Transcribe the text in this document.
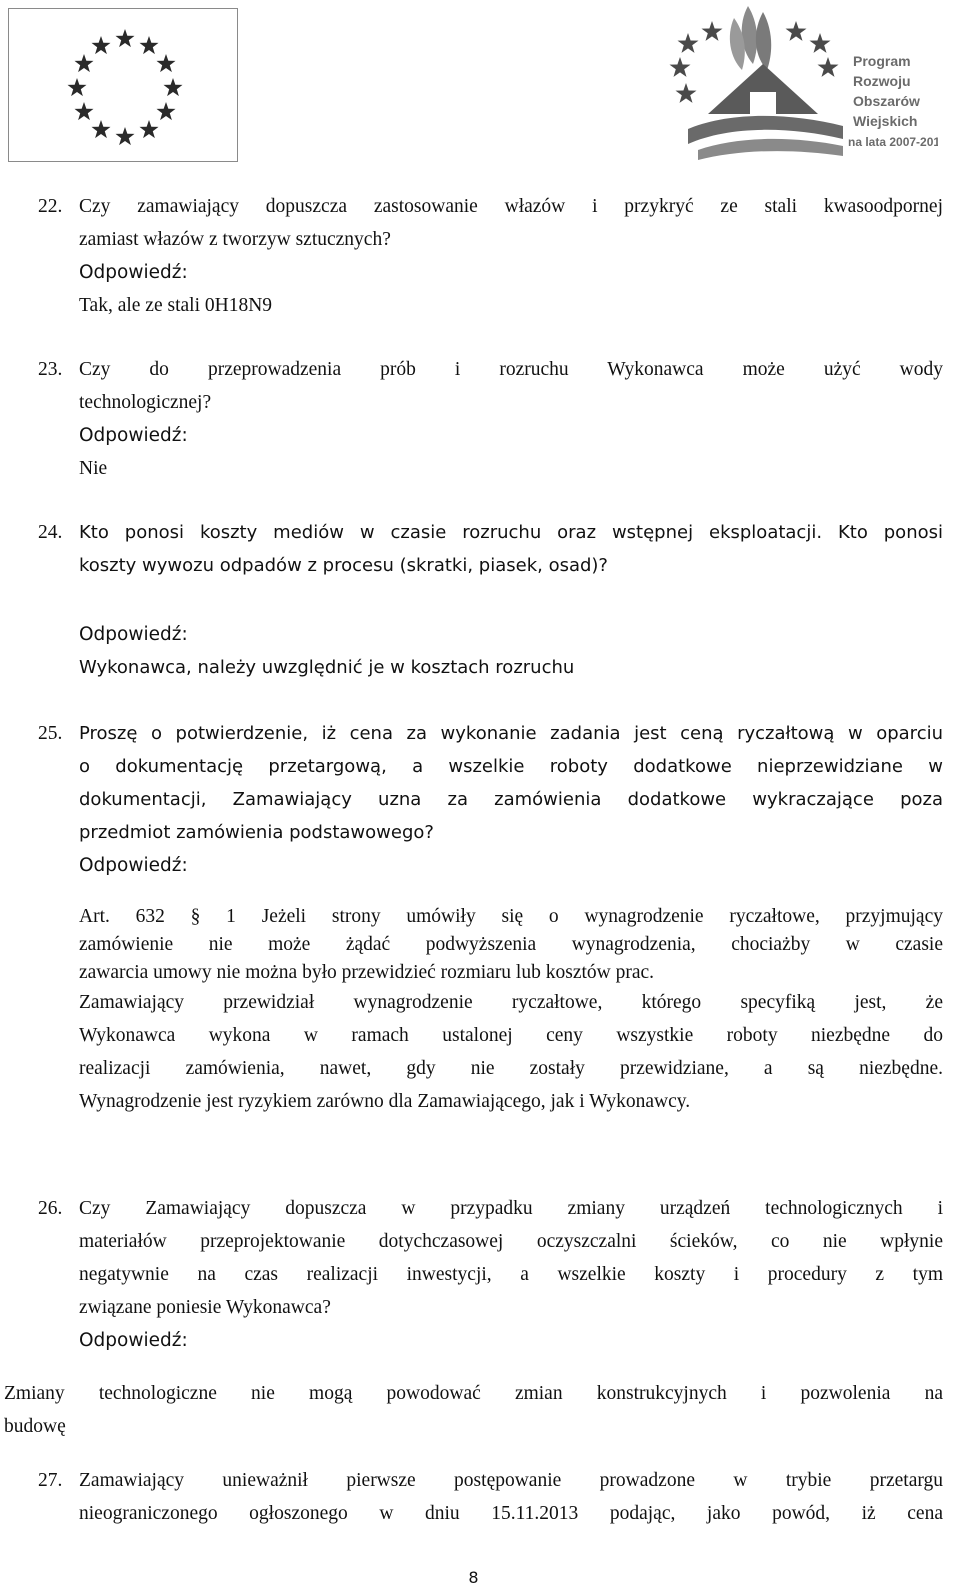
Program
Rozwoju
Obszarów
Wiejskich
na lata 2007-2013
22. Czy zamawiający dopuszcza zastosowanie włazów i przykryć ze stali kwasoodpornej
zamiast włazów z tworzyw sztucznych?
Odpowiedź:
Tak, ale ze stali 0H18N9
23. Czy do przeprowadzenia prób i rozruchu Wykonawca może użyć wody
technologicznej?
Odpowiedź:
Nie
24. Kto ponosi koszty mediów w czasie rozruchu oraz wstępnej eksploatacji. Kto ponosi
koszty wywozu odpadów z procesu (skratki, piasek, osad)?
Odpowiedź:
Wykonawca, należy uwzględnić je w kosztach rozruchu
25. Proszę o potwierdzenie, iż cena za wykonanie zadania jest ceną ryczałtową w oparciu
o dokumentację przetargową, a wszelkie roboty dodatkowe nieprzewidziane w
dokumentacji, Zamawiający uzna za zamówienia dodatkowe wykraczające poza
przedmiot zamówienia podstawowego?
Odpowiedź:
Art. 632 § 1 Jeżeli strony umówiły się o wynagrodzenie ryczałtowe, przyjmujący
zamówienie nie może żądać podwyższenia wynagrodzenia, chociażby w czasie
zawarcia umowy nie można było przewidzieć rozmiaru lub kosztów prac.
Zamawiający przewidział wynagrodzenie ryczałtowe, którego specyfiką jest, że
Wykonawca wykona w ramach ustalonej ceny wszystkie roboty niezbędne do
realizacji zamówienia, nawet, gdy nie zostały przewidziane, a są niezbędne.
Wynagrodzenie jest ryzykiem zarówno dla Zamawiającego, jak i Wykonawcy.
26. Czy Zamawiający dopuszcza w przypadku zmiany urządzeń technologicznych i
materiałów przeprojektowanie dotychczasowej oczyszczalni ścieków, co nie wpłynie
negatywnie na czas realizacji inwestycji, a wszelkie koszty i procedury z tym
związane poniesie Wykonawca?
Odpowiedź:
Zmiany technologiczne nie mogą powodować zmian konstrukcyjnych i pozwolenia na
budowę
27. Zamawiający unieważnił pierwsze postępowanie prowadzone w trybie przetargu
nieograniczonego ogłoszonego w dniu 15.11.2013 podając, jako powód, iż cena
8
